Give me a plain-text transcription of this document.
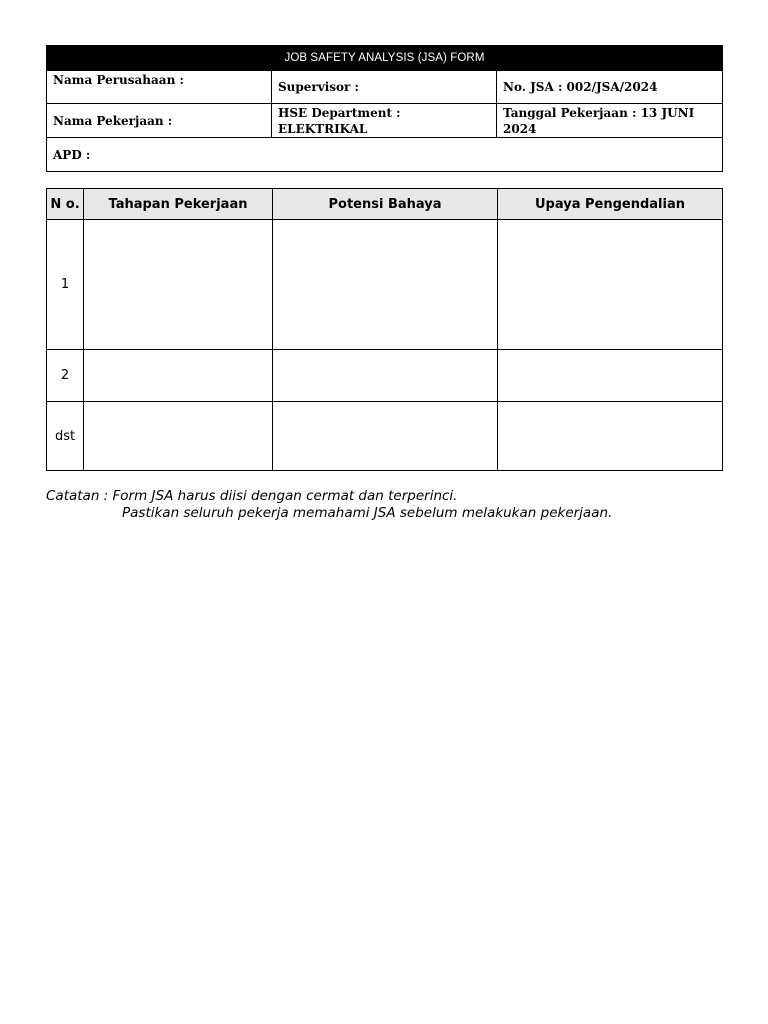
JOB SAFETY ANALYSIS (JSA) FORM		
Nama Perusahaan :	Supervisor :	No. JSA : 002/JSA/2024
Nama Pekerjaan :	HSE Department : ELEKTRIKAL	Tanggal Pekerjaan : 13 JUNI 2024
APD :		
N o.	Tahapan Pekerjaan	Potensi Bahaya	Upaya Pengendalian
1			
2			
dst			
Catatan : Form JSA harus diisi dengan cermat dan terperinci.
Pastikan seluruh pekerja memahami JSA sebelum melakukan pekerjaan.
